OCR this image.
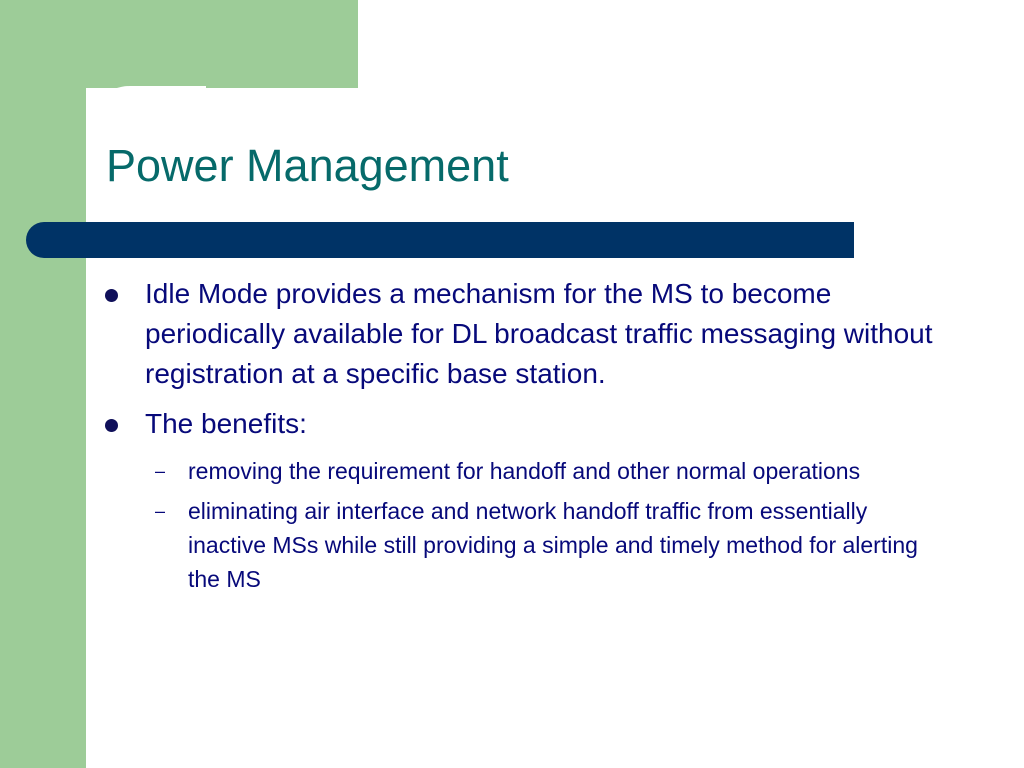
Power Management
Idle Mode provides a mechanism for the MS to become periodically available for DL broadcast traffic messaging without registration at a specific base station.
The benefits:
– removing the requirement for handoff and other normal operations
– eliminating air interface and network handoff traffic from essentially inactive MSs while still providing a simple and timely method for alerting the MS
